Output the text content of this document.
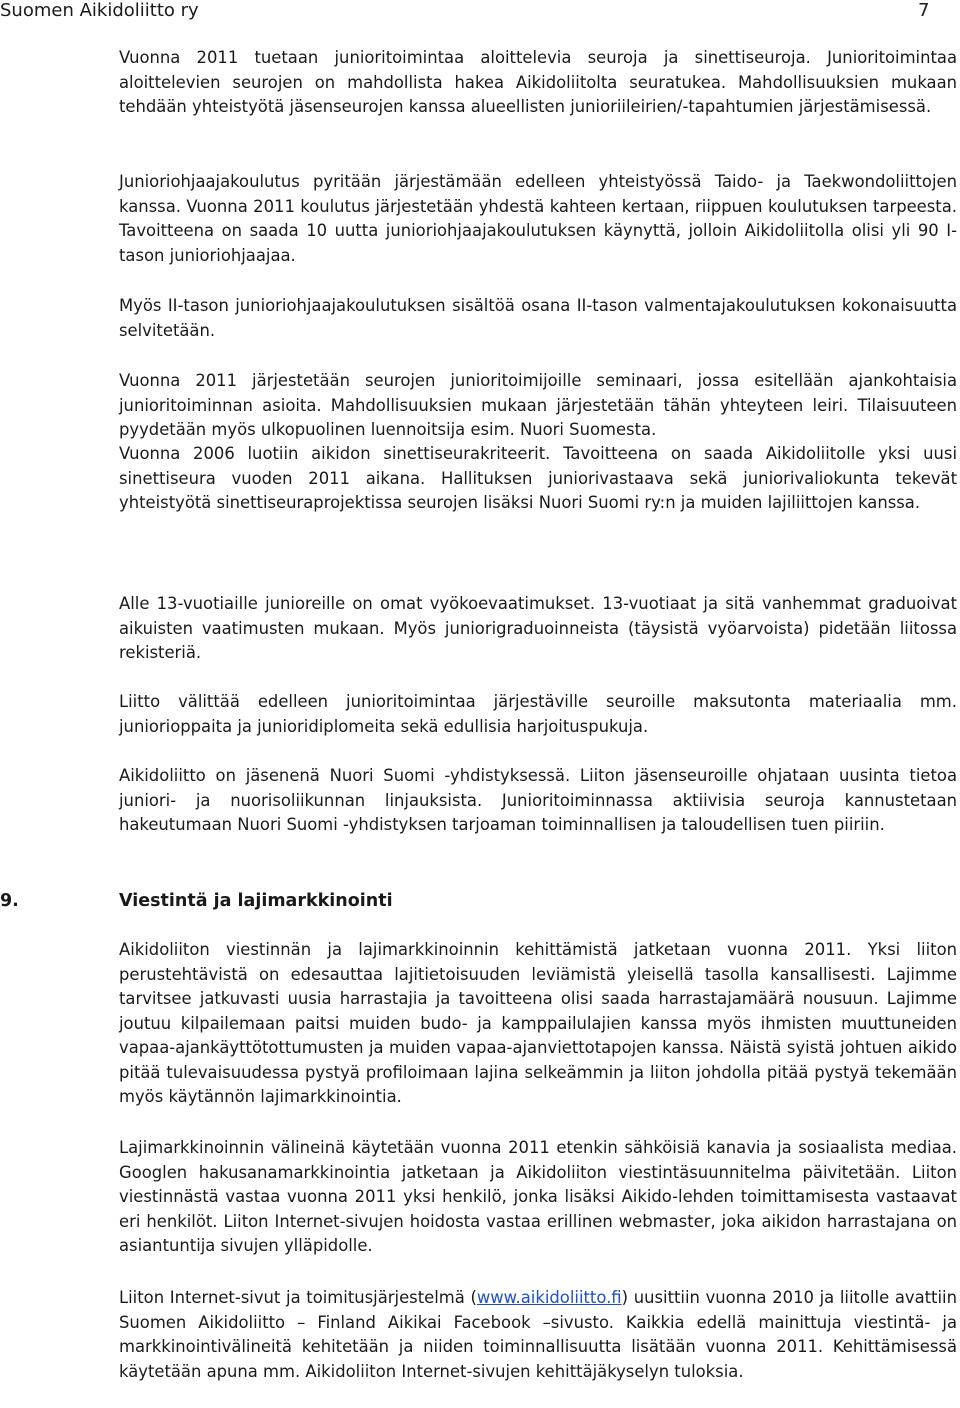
Suomen Aikidoliitto ry	7

Vuonna 2011 tuetaan junioritoimintaa aloittelevia seuroja ja sinettiseuroja. Junioritoimintaa aloittelevien seurojen on mahdollista hakea Aikidoliitolta seuratukea. Mahdollisuuksien mukaan tehdään yhteistyötä jäsenseurojen kanssa alueellisten junioriileirien/-tapahtumien järjestämisessä.

Junioriohjaajakoulutus pyritään järjestämään edelleen yhteistyössä Taido- ja Taekwondoliittojen kanssa. Vuonna 2011 koulutus järjestetään yhdestä kahteen kertaan, riippuen koulutuksen tarpeesta. Tavoitteena on saada 10 uutta junioriohjaajakoulutuksen käynyttä, jolloin Aikidoliitolla olisi yli 90 I-tason junioriohjaajaa.

Myös II-tason junioriohjaajakoulutuksen sisältöä osana II-tason valmentajakoulutuksen kokonaisuutta selvitetään.

Vuonna 2011 järjestetään seurojen junioritoimijoille seminaari, jossa esitellään ajankohtaisia junioritoiminnan asioita. Mahdollisuuksien mukaan järjestetään tähän yhteyteen leiri. Tilaisuuteen pyydetään myös ulkopuolinen luennoitsija esim. Nuori Suomesta.

Vuonna 2006 luotiin aikidon sinettiseurakriteerit. Tavoitteena on saada Aikidoliitolle yksi uusi sinettiseura vuoden 2011 aikana. Hallituksen juniorivastaava sekä juniorivaliokunta tekevät yhteistyötä sinettiseuraprojektissa seurojen lisäksi Nuori Suomi ry:n ja muiden lajiliittojen kanssa.

Alle 13-vuotiaille junioreille on omat vyökoevaatimukset. 13-vuotiaat ja sitä vanhemmat graduoivat aikuisten vaatimusten mukaan. Myös juniorigraduoinneista (täysistä vyöarvoista) pidetään liitossa rekisteriä.

Liitto välittää edelleen junioritoimintaa järjestäville seuroille maksutonta materiaalia mm. juniorioppaita ja junioridiplomeita sekä edullisia harjoituspukuja.

Aikidoliitto on jäsenenä Nuori Suomi -yhdistyksessä. Liiton jäsenseuroille ohjataan uusinta tietoa juniori- ja nuorisoliikunnan linjauksista. Junioritoiminnassa aktiivisia seuroja kannustetaan hakeutumaan Nuori Suomi -yhdistyksen tarjoaman toiminnallisen ja taloudellisen tuen piiriin.

9.	Viestintä ja lajimarkkinointi

Aikidoliiton viestinnän ja lajimarkkinoinnin kehittämistä jatketaan vuonna 2011. Yksi liiton perustehtävistä on edesauttaa lajitietoisuuden leviämistä yleisellä tasolla kansallisesti. Lajimme tarvitsee jatkuvasti uusia harrastajia ja tavoitteena olisi saada harrastajamäärä nousuun. Lajimme joutuu kilpailemaan paitsi muiden budo- ja kamppailulajien kanssa myös ihmisten muuttuneiden vapaa-ajankäyttötottumusten ja muiden vapaa-ajanviettotapojen kanssa. Näistä syistä johtuen aikido pitää tulevaisuudessa pystyä profiloimaan lajina selkeämmin ja liiton johdolla pitää pystyä tekemään myös käytännön lajimarkkinointia.

Lajimarkkinoinnin välineinä käytetään vuonna 2011 etenkin sähköisiä kanavia ja sosiaalista mediaa. Googlen hakusanamarkkinointia jatketaan ja Aikidoliiton viestintäsuunnitelma päivitetään. Liiton viestinnästä vastaa vuonna 2011 yksi henkilö, jonka lisäksi Aikido-lehden toimittamisesta vastaavat eri henkilöt. Liiton Internet-sivujen hoidosta vastaa erillinen webmaster, joka aikidon harrastajana on asiantuntija sivujen ylläpidolle.

Liiton Internet-sivut ja toimitusjärjestelmä (www.aikidoliitto.fi) uusittiin vuonna 2010 ja liitolle avattiin Suomen Aikidoliitto – Finland Aikikai Facebook –sivusto. Kaikkia edellä mainittuja viestintä- ja markkinointivälineitä kehitetään ja niiden toiminnallisuutta lisätään vuonna 2011. Kehittämisessä käytetään apuna mm. Aikidoliiton Internet-sivujen kehittäjäkyselyn tuloksia.
